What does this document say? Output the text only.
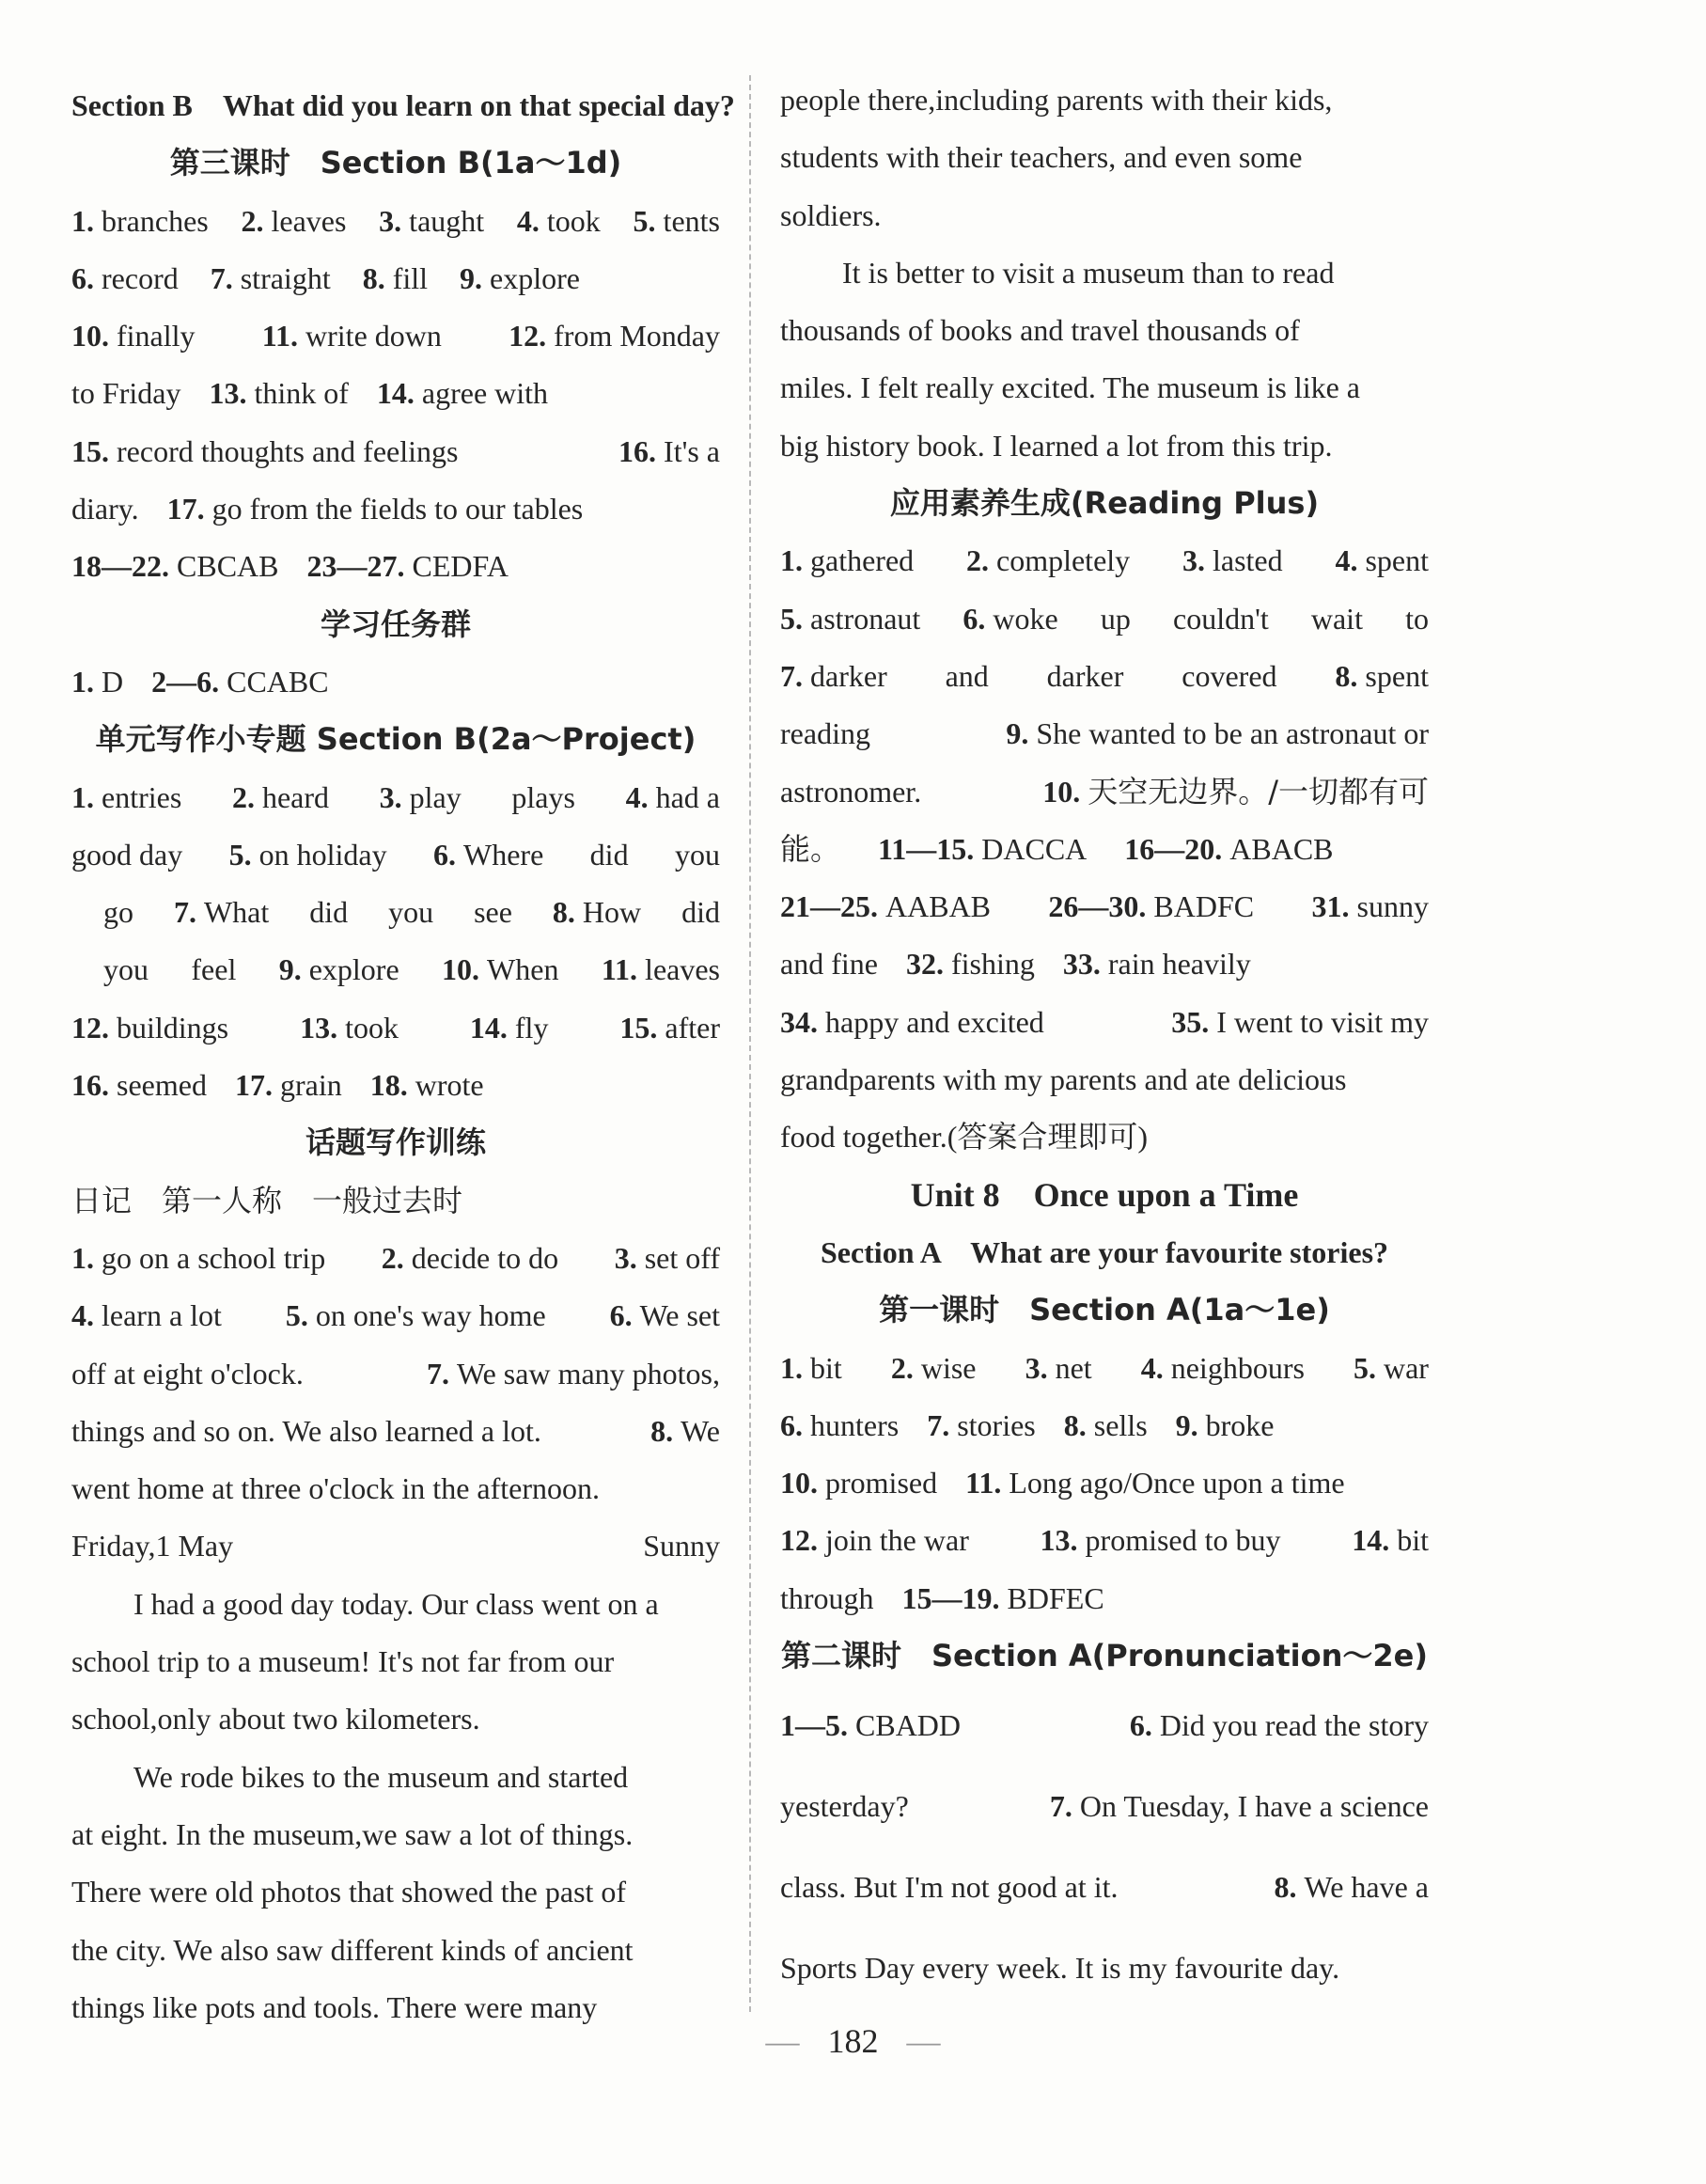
Section B　What did you learn on that special day?
第三课时　Section B(1a～1d)
1. branches 2. leaves 3. taught 4. took 5. tents
6. record 7. straight 8. fill 9. explore
10. finally 11. write down 12. from Monday
to Friday 13. think of 14. agree with
15. record thoughts and feelings	16. It's a
diary. 17. go from the fields to our tables
18—22. CBCAB 23—27. CEDFA
学习任务群
1. D 2—6. CCABC
单元写作小专题 Section B(2a～Project)
1. entries 2. heard 3. play plays 4. had a
good day 5. on holiday 6. Where did you
go 7. What did you see 8. How did
you feel 9. explore 10. When 11. leaves
12. buildings 13. took 14. fly 15. after
16. seemed 17. grain 18. wrote
话题写作训练
日记　第一人称　一般过去时
1. go on a school trip 2. decide to do 3. set off
4. learn a lot 5. on one's way home 6. We set
off at eight o'clock.	7. We saw many photos,
things and so on. We also learned a lot.	8. We
went home at three o'clock in the afternoon.
Friday,1 May	Sunny
I had a good day today. Our class went on a
school trip to a museum! It's not far from our
school,only about two kilometers.
We rode bikes to the museum and started
at eight. In the museum,we saw a lot of things.
There were old photos that showed the past of
the city. We also saw different kinds of ancient
things like pots and tools. There were many
people there,including parents with their kids,
students with their teachers, and even some
soldiers.
It is better to visit a museum than to read
thousands of books and travel thousands of
miles. I felt really excited. The museum is like a
big history book. I learned a lot from this trip.
应用素养生成(Reading Plus)
1. gathered 2. completely 3. lasted 4. spent
5. astronaut 6. woke up couldn't wait to
7. darker and darker covered 8. spent
reading	9. She wanted to be an astronaut or
astronomer.	10. 天空无边界。/一切都有可
能。 11—15. DACCA 16—20. ABACB
21—25. AABAB 26—30. BADFC 31. sunny
and fine 32. fishing 33. rain heavily
34. happy and excited	35. I went to visit my
grandparents with my parents and ate delicious
food together.(答案合理即可)
Unit 8　Once upon a Time
Section A　What are your favourite stories?
第一课时　Section A(1a～1e)
1. bit 2. wise 3. net 4. neighbours 5. war
6. hunters 7. stories 8. sells 9. broke
10. promised 11. Long ago/Once upon a time
12. join the war 13. promised to buy 14. bit
through 15—19. BDFEC
第二课时　Section A(Pronunciation～2e)
1—5. CBADD	6. Did you read the story
yesterday?	7. On Tuesday, I have a science
class. But I'm not good at it.	8. We have a
Sports Day every week. It is my favourite day.
— 182 —
